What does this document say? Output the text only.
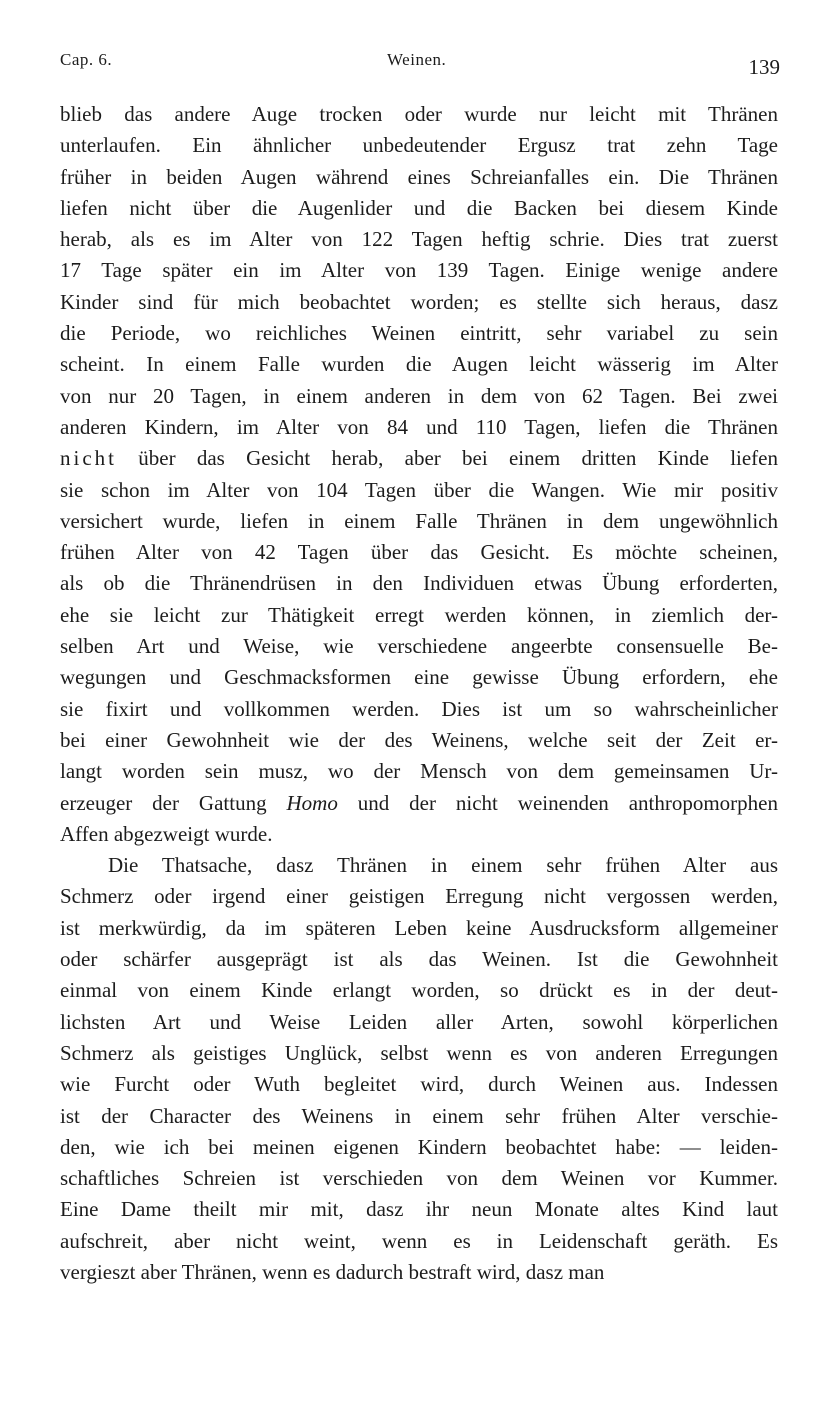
Cap. 6.	Weinen.	139
blieb das andere Auge trocken oder wurde nur leicht mit Thränen
unterlaufen. Ein ähnlicher unbedeutender Ergusz trat zehn Tage
früher in beiden Augen während eines Schreianfalles ein. Die Thränen
liefen nicht über die Augenlider und die Backen bei diesem Kinde
herab, als es im Alter von 122 Tagen heftig schrie. Dies trat zuerst
17 Tage später ein im Alter von 139 Tagen. Einige wenige andere
Kinder sind für mich beobachtet worden; es stellte sich heraus, dasz
die Periode, wo reichliches Weinen eintritt, sehr variabel zu sein
scheint. In einem Falle wurden die Augen leicht wässerig im Alter
von nur 20 Tagen, in einem anderen in dem von 62 Tagen. Bei zwei
anderen Kindern, im Alter von 84 und 110 Tagen, liefen die Thränen
nicht über das Gesicht herab, aber bei einem dritten Kinde liefen
sie schon im Alter von 104 Tagen über die Wangen. Wie mir positiv
versichert wurde, liefen in einem Falle Thränen in dem ungewöhnlich
frühen Alter von 42 Tagen über das Gesicht. Es möchte scheinen,
als ob die Thränendrüsen in den Individuen etwas Übung erforderten,
ehe sie leicht zur Thätigkeit erregt werden können, in ziemlich der-
selben Art und Weise, wie verschiedene angeerbte consensuelle Be-
wegungen und Geschmacksformen eine gewisse Übung erfordern, ehe
sie fixirt und vollkommen werden. Dies ist um so wahrscheinlicher
bei einer Gewohnheit wie der des Weinens, welche seit der Zeit er-
langt worden sein musz, wo der Mensch von dem gemeinsamen Ur-
erzeuger der Gattung Homo und der nicht weinenden anthropomorphen
Affen abgezweigt wurde.
Die Thatsache, dasz Thränen in einem sehr frühen Alter aus
Schmerz oder irgend einer geistigen Erregung nicht vergossen werden,
ist merkwürdig, da im späteren Leben keine Ausdrucksform allgemeiner
oder schärfer ausgeprägt ist als das Weinen. Ist die Gewohnheit
einmal von einem Kinde erlangt worden, so drückt es in der deut-
lichsten Art und Weise Leiden aller Arten, sowohl körperlichen
Schmerz als geistiges Unglück, selbst wenn es von anderen Erregungen
wie Furcht oder Wuth begleitet wird, durch Weinen aus. Indessen
ist der Character des Weinens in einem sehr frühen Alter verschie-
den, wie ich bei meinen eigenen Kindern beobachtet habe: — leiden-
schaftliches Schreien ist verschieden von dem Weinen vor Kummer.
Eine Dame theilt mir mit, dasz ihr neun Monate altes Kind laut
aufschreit, aber nicht weint, wenn es in Leidenschaft geräth. Es
vergieszt aber Thränen, wenn es dadurch bestraft wird, dasz man
